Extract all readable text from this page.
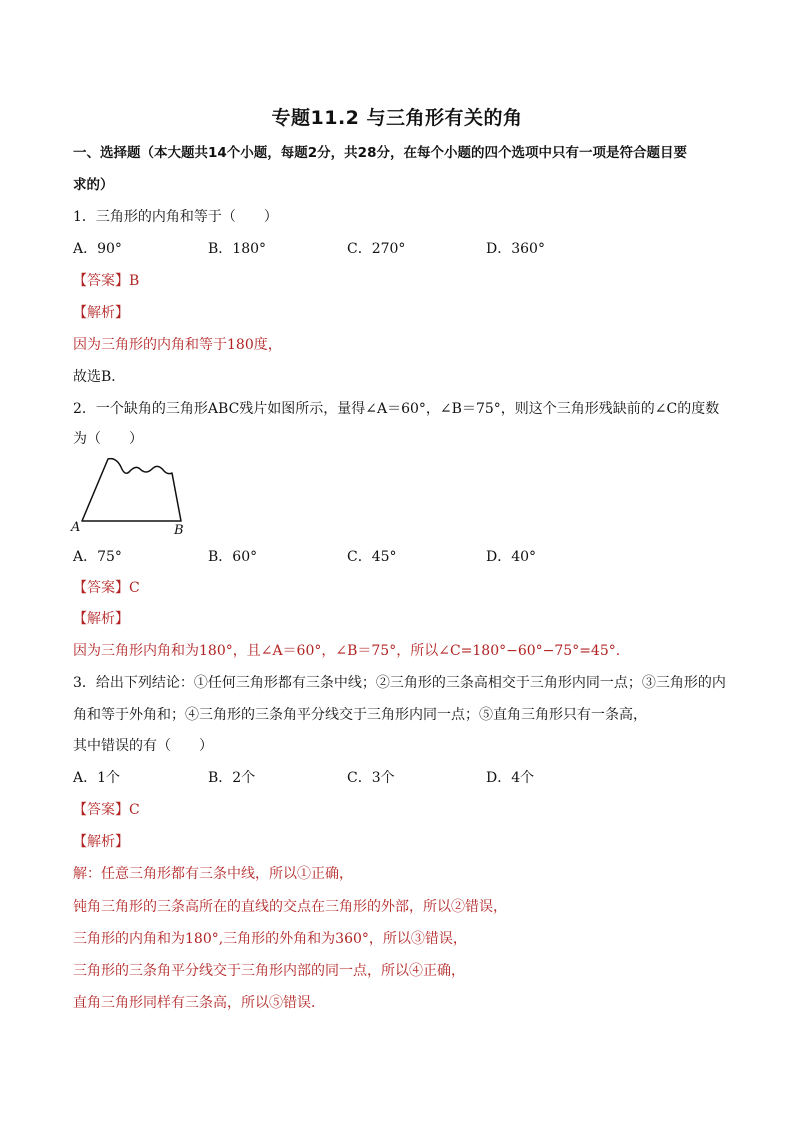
专题11.2 与三角形有关的角
一、选择题（本大题共14个小题，每题2分，共28分，在每个小题的四个选项中只有一项是符合题目要
求的）
1．三角形的内角和等于（　　）
A．90°	B．180°	C．270°	D．360°
【答案】B
【解析】
因为三角形的内角和等于180度，
故选B．
2．一个缺角的三角形ABC残片如图所示，量得∠A＝60°，∠B＝75°，则这个三角形残缺前的∠C的度数
为（　　）
A	B
A．75°	B．60°	C．45°	D．40°
【答案】C
【解析】
因为三角形内角和为180°，且∠A＝60°，∠B＝75°，所以∠C=180°−60°−75°=45°.
3．给出下列结论：①任何三角形都有三条中线；②三角形的三条高相交于三角形内同一点；③三角形的内
角和等于外角和；④三角形的三条角平分线交于三角形内同一点；⑤直角三角形只有一条高，
其中错误的有（　　）
A．1个	B．2个	C．3个	D．4个
【答案】C
【解析】
解：任意三角形都有三条中线，所以①正确，
钝角三角形的三条高所在的直线的交点在三角形的外部，所以②错误，
三角形的内角和为180°,三角形的外角和为360°，所以③错误，
三角形的三条角平分线交于三角形内部的同一点，所以④正确，
直角三角形同样有三条高，所以⑤错误．
